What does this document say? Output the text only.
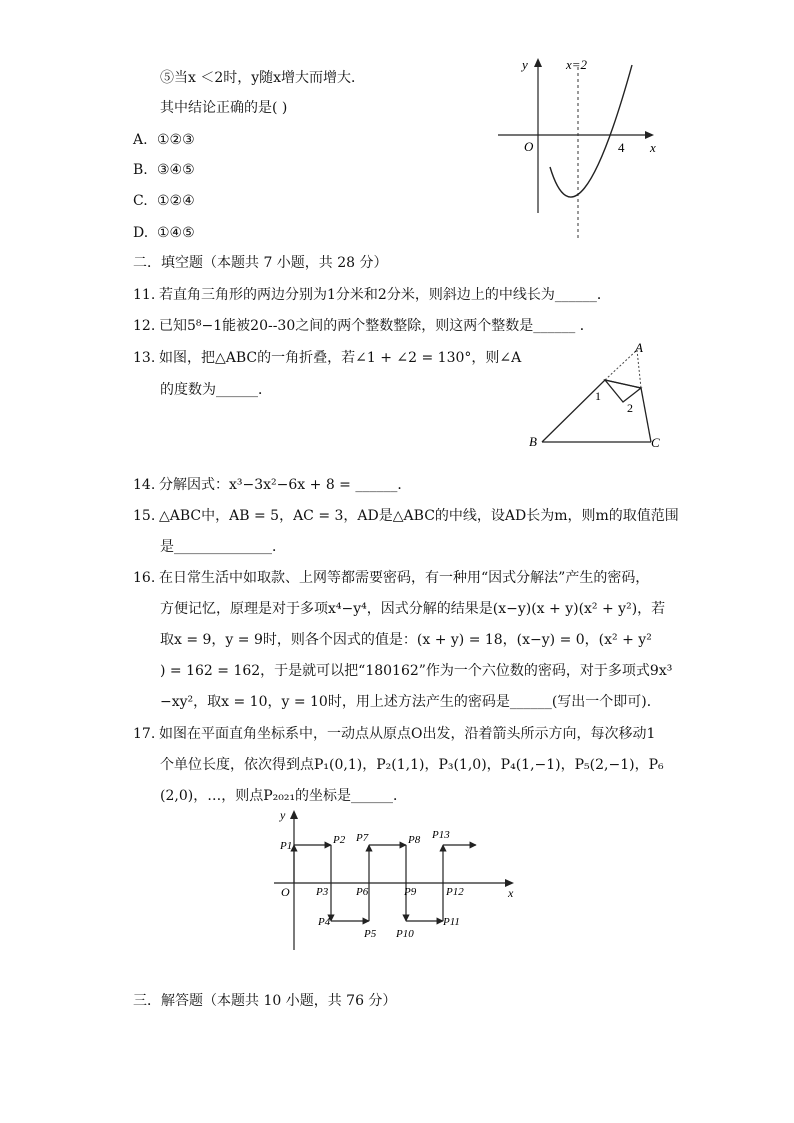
⑤当x ＜2时，y随x增大而增大．
其中结论正确的是( )
A. ①②③
B. ③④⑤
C. ①②④
D. ①④⑤
y	x=2
O	4 x
二．填空题（本题共 7 小题，共 28 分）
11. 若直角三角形的两边分别为1分米和2分米，则斜边上的中线长为______．
12. 已知5⁸−1能被20--30之间的两个整数整除，则这两个整数是______ ．
13. 如图，把△ABC的一角折叠，若∠1 + ∠2 = 130°，则∠A
的度数为______．
A
B	C
1
2
14. 分解因式：x³−3x²−6x + 8 = ______．
15. △ABC中，AB = 5，AC = 3，AD是△ABC的中线，设AD长为m，则m的取值范围
是______________．
16. 在日常生活中如取款、上网等都需要密码，有一种用“因式分解法”产生的密码，
方便记忆，原理是对于多项x⁴−y⁴，因式分解的结果是(x−y)(x + y)(x² + y²)，若
取x = 9，y = 9时，则各个因式的值是：(x + y) = 18，(x−y) = 0，(x² + y²
) = 162 = 162，于是就可以把“180162”作为一个六位数的密码，对于多项式9x³
−xy²，取x = 10，y = 10时，用上述方法产生的密码是______(写出一个即可)．
17. 如图在平面直角坐标系中，一动点从原点O出发，沿着箭头所示方向，每次移动1
个单位长度，依次得到点P₁(0,1)，P₂(1,1)，P₃(1,0)，P₄(1,−1)，P₅(2,−1)，P₆
(2,0)，…，则点P₂₀₂₁的坐标是______．
y
x
O
P1	P2
P3
P4
P5
P6
P7	P8
P9
P10
P11
P12
P13
三．解答题（本题共 10 小题，共 76 分）
